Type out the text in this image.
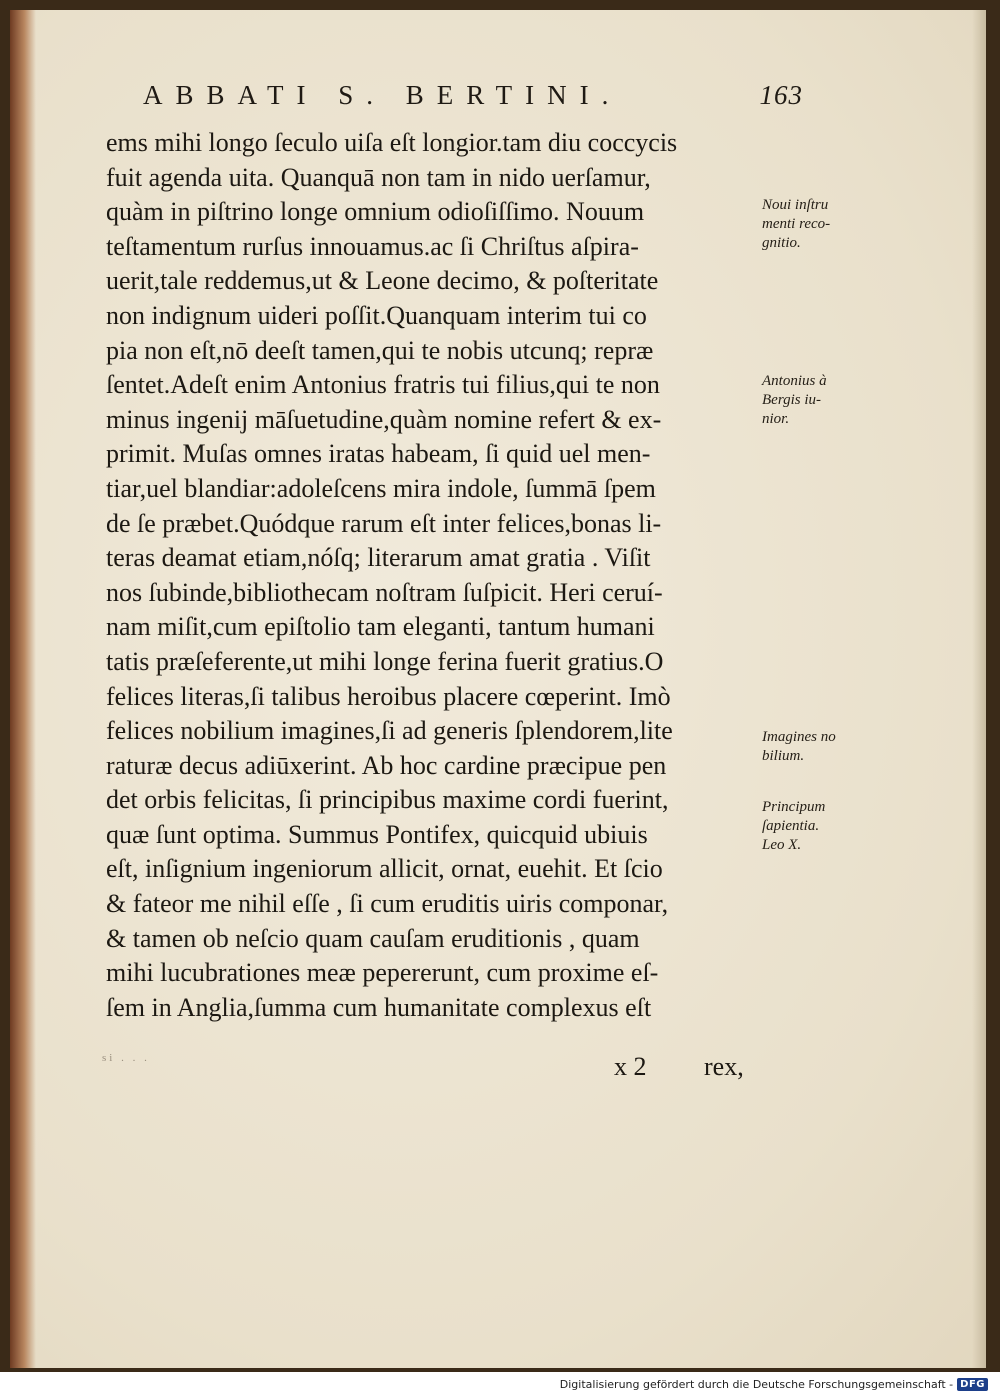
ABBATI S. BERTINI.	163
ems mihi longo ſeculo uiſa eſt longior.tam diu coccycis
fuit agenda uita. Quanquā non tam in nido uerſamur,
quàm in piſtrino longe omnium odioſiſſimo. Nouum
teſtamentum rurſus innouamus.ac ſi Chriſtus aſpira-
uerit,tale reddemus,ut & Leone decimo, & poſteritate
non indignum uideri poſſit.Quanquam interim tui co
pia non eſt,nō deeſt tamen,qui te nobis utcunq; repræ
ſentet.Adeſt enim Antonius fratris tui filius,qui te non
minus ingenij māſuetudine,quàm nomine refert & ex-
primit. Muſas omnes iratas habeam, ſi quid uel men-
tiar,uel blandiar:adoleſcens mira indole, ſummā ſpem
de ſe præbet.Quódque rarum eſt inter felices,bonas li-
teras deamat etiam,nóſq; literarum amat gratia . Viſit
nos ſubinde,bibliothecam noſtram ſuſpicit. Heri ceruí-
nam miſit,cum epiſtolio tam eleganti, tantum humani
tatis præſeferente,ut mihi longe ferina fuerit gratius.O
felices literas,ſi talibus heroibus placere cœperint. Imò
felices nobilium imagines,ſi ad generis ſplendorem,lite
raturæ decus adiūxerint. Ab hoc cardine præcipue pen
det orbis felicitas, ſi principibus maxime cordi fuerint,
quæ ſunt optima. Summus Pontifex, quicquid ubiuis
eſt, inſignium ingeniorum allicit, ornat, euehit. Et ſcio
& fateor me nihil eſſe , ſi cum eruditis uiris componar,
& tamen ob neſcio quam cauſam eruditionis , quam
mihi lucubrationes meæ pepererunt, cum proxime eſ-
ſem in Anglia,ſumma cum humanitate complexus eſt
Noui inſtru
menti reco-
gnitio.
Antonius à
Bergis iu-
nior.
Imagines no
bilium.
Principum
ſapientia.
Leo X.
si . . .	x 2 rex,
Digitalisierung gefördert durch die Deutsche Forschungsgemeinschaft - DFG
